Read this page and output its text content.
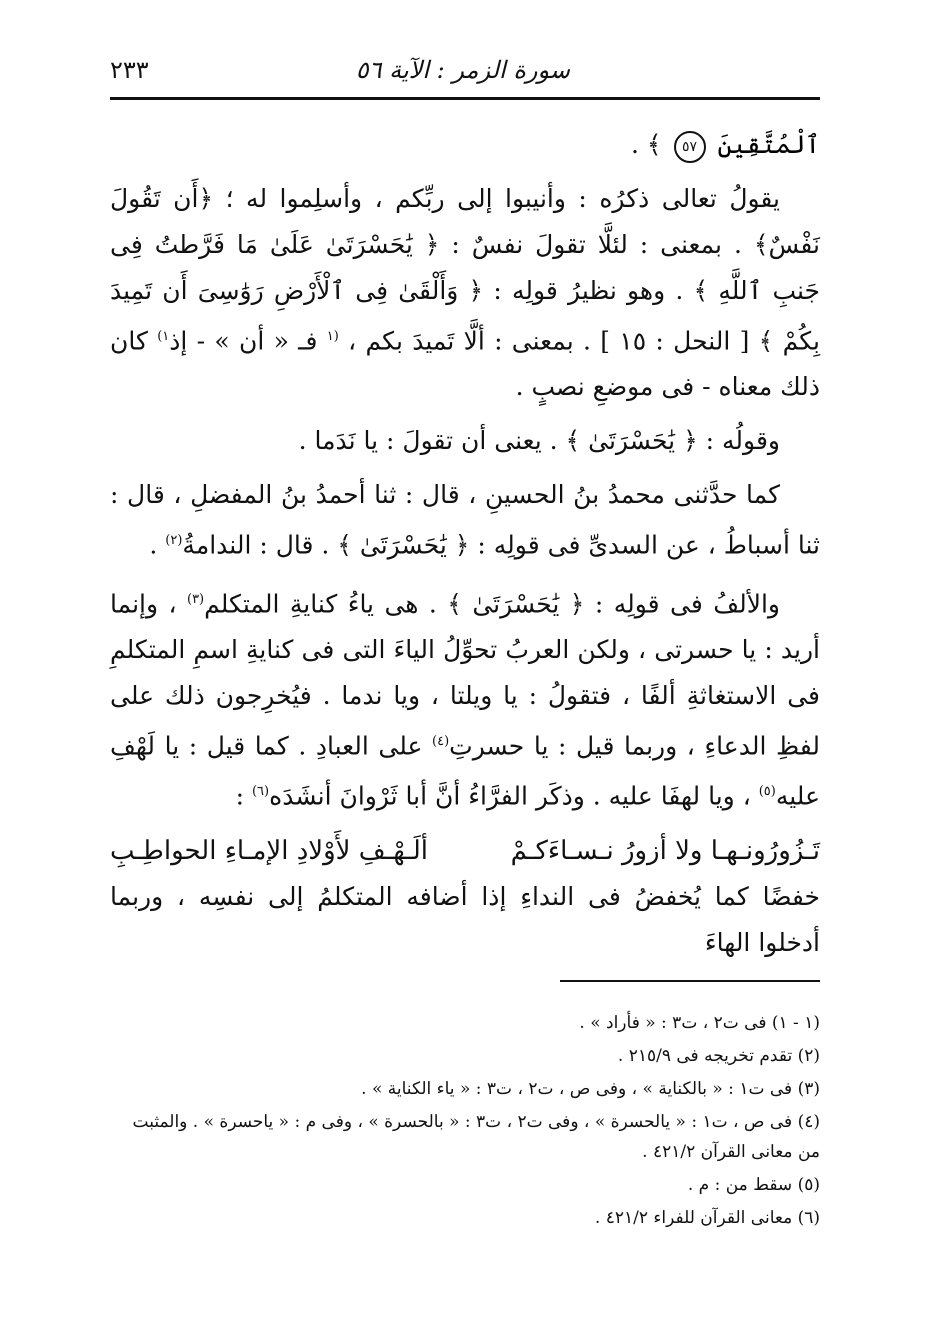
سورة الزمر : الآية ٥٦
٢٣٣

ٱلْمُتَّقِينَ ٥٧ ﴾ .

يقولُ تعالى ذكرُه : وأنيبوا إلى ربِّكم ، وأسلِموا له ؛ ﴿أَن تَقُولَ نَفْسٌ﴾ . بمعنى : لئلَّا تقولَ نفسٌ : ﴿ يَٰحَسْرَتَىٰ عَلَىٰ مَا فَرَّطتُ فِى جَنبِ ٱللَّهِ ﴾ . وهو نظيرُ قولِه : ﴿ وَأَلْقَىٰ فِى ٱلْأَرْضِ رَوَٰسِىَ أَن تَمِيدَ بِكُمْ ﴾ [ النحل : ١٥ ] . بمعنى : ألَّا تَميدَ بكم ، $^{(١}$ فـ « أن » - إذ$^{١)}$ كان ذلك معناه - فى موضعِ نصبٍ .

وقولُه : ﴿ يَٰحَسْرَتَىٰ ﴾ . يعنى أن تقولَ : يا نَدَما .

كما حدَّثنى محمدُ بنُ الحسينِ ، قال : ثنا أحمدُ بنُ المفضلِ ، قال : ثنا أسباطُ ، عن السدىِّ فى قولِه : ﴿ يَٰحَسْرَتَىٰ ﴾ . قال : الندامةُ$^{(٢)}$ .

والألفُ فى قولِه : ﴿ يَٰحَسْرَتَىٰ ﴾ . هى ياءُ كنايةِ المتكلم$^{(٣)}$ ، وإنما أريد : يا حسرتى ، ولكن العربُ تحوِّلُ الياءَ التى فى كنايةِ اسمِ المتكلمِ فى الاستغاثةِ ألفًا ، فتقولُ : يا ويلتا ، ويا ندما . فيُخرِجون ذلك على لفظِ الدعاءِ ، وربما قيل : يا حسرتِ$^{(٤)}$ على العبادِ . كما قيل : يا لَهْفِ عليه$^{(٥)}$ ، ويا لهفَا عليه . وذكَر الفرَّاءُ أنَّ أبا ثَرْوانَ أنشَدَه$^{(٦)}$ :

تَـزُورُونـهـا ولا أزورُ نـسـاءَكـمْ
ألَـهْـفِ لأَوْلادِ الإمـاءِ الحواطِـبِ

خفضًا كما يُخفضُ فى النداءِ إذا أضافه المتكلمُ إلى نفسِه ، وربما أدخلوا الهاءَ

(١ - ١) فى ت٢ ، ت٣ : « فأراد » .
(٢) تقدم تخريجه فى ٢١٥/٩ .
(٣) فى ت١ : « بالكناية » ، وفى ص ، ت٢ ، ت٣ : « ياء الكناية » .
(٤) فى ص ، ت١ : « يالحسرة » ، وفى ت٢ ، ت٣ : « بالحسرة » ، وفى م : « ياحسرة » . والمثبت من معانى القرآن ٤٢١/٢ .
(٥) سقط من : م .
(٦) معانى القرآن للفراء ٤٢١/٢ .
